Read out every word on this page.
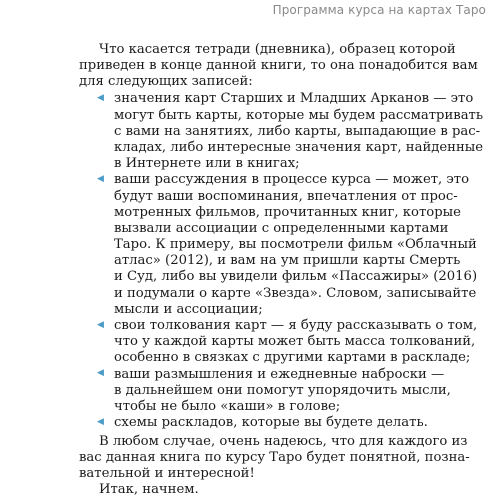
Программа курса на картах Таро
Что касается тетради (дневника), образец которой
приведен в конце данной книги, то она понадобится вам
для следующих записей:
◀ значения карт Старших и Младших Арканов — это
могут быть карты, которые мы будем рассматривать
с вами на занятиях, либо карты, выпадающие в рас-
кладах, либо интересные значения карт, найденные
в Интернете или в книгах;
◀ ваши рассуждения в процессе курса — может, это
будут ваши воспоминания, впечатления от прос-
мотренных фильмов, прочитанных книг, которые
вызвали ассоциации с определенными картами
Таро. К примеру, вы посмотрели фильм «Облачный
атлас» (2012), и вам на ум пришли карты Смерть
и Суд, либо вы увидели фильм «Пассажиры» (2016)
и подумали о карте «Звезда». Словом, записывайте
мысли и ассоциации;
◀ свои толкования карт — я буду рассказывать о том,
что у каждой карты может быть масса толкований,
особенно в связках с другими картами в раскладе;
◀ ваши размышления и ежедневные наброски —
в дальнейшем они помогут упорядочить мысли,
чтобы не было «каши» в голове;
◀ схемы раскладов, которые вы будете делать.
В любом случае, очень надеюсь, что для каждого из
вас данная книга по курсу Таро будет понятной, позна-
вательной и интересной!
Итак, начнем.
